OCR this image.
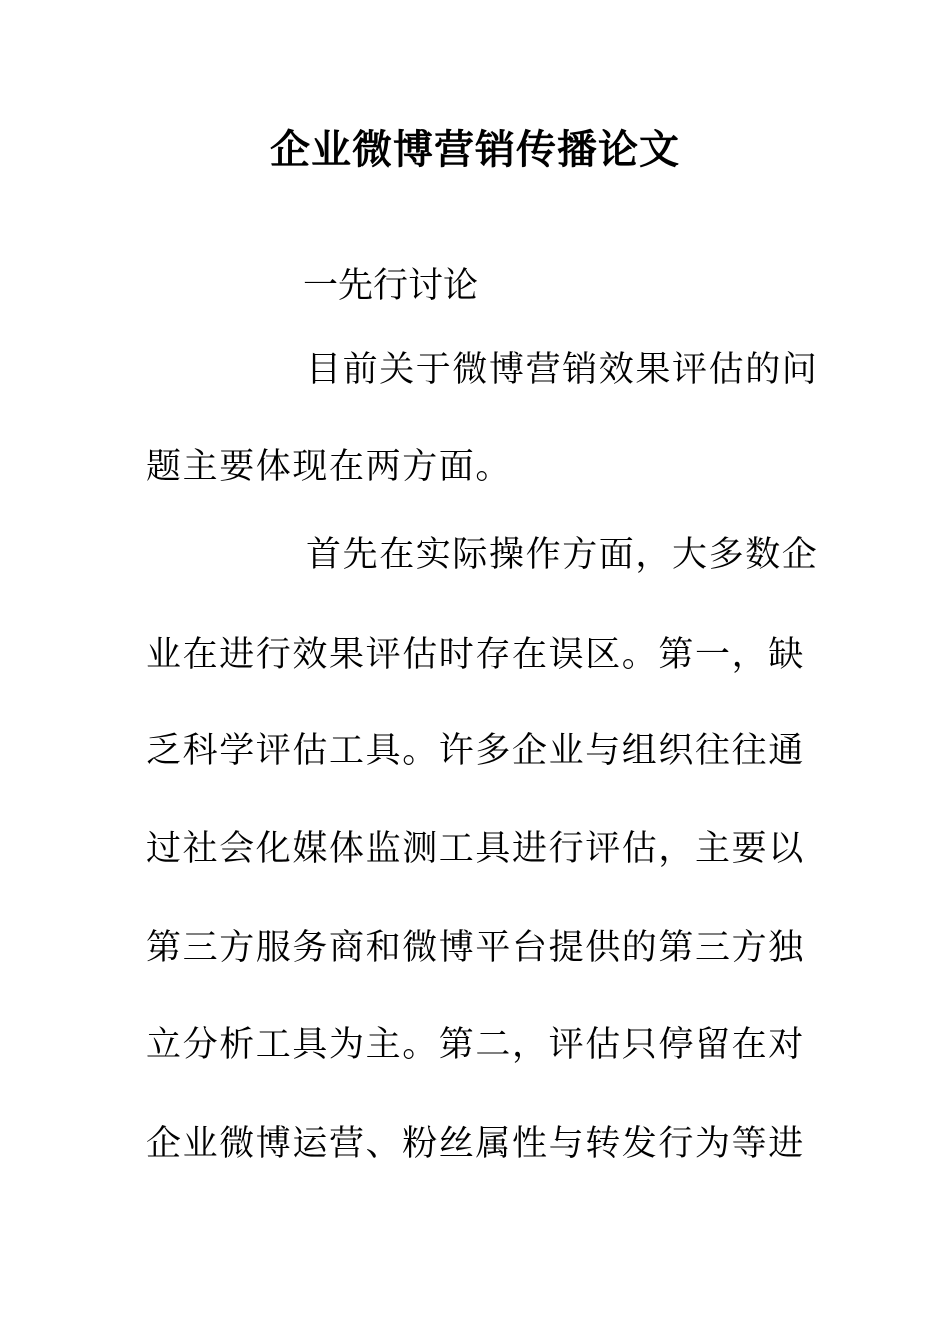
企业微博营销传播论文
一先行讨论
目前关于微博营销效果评估的问
题主要体现在两方面。
首先在实际操作方面，大多数企
业在进行效果评估时存在误区。第一，缺
乏科学评估工具。许多企业与组织往往通
过社会化媒体监测工具进行评估，主要以
第三方服务商和微博平台提供的第三方独
立分析工具为主。第二，评估只停留在对
企业微博运营、粉丝属性与转发行为等进
